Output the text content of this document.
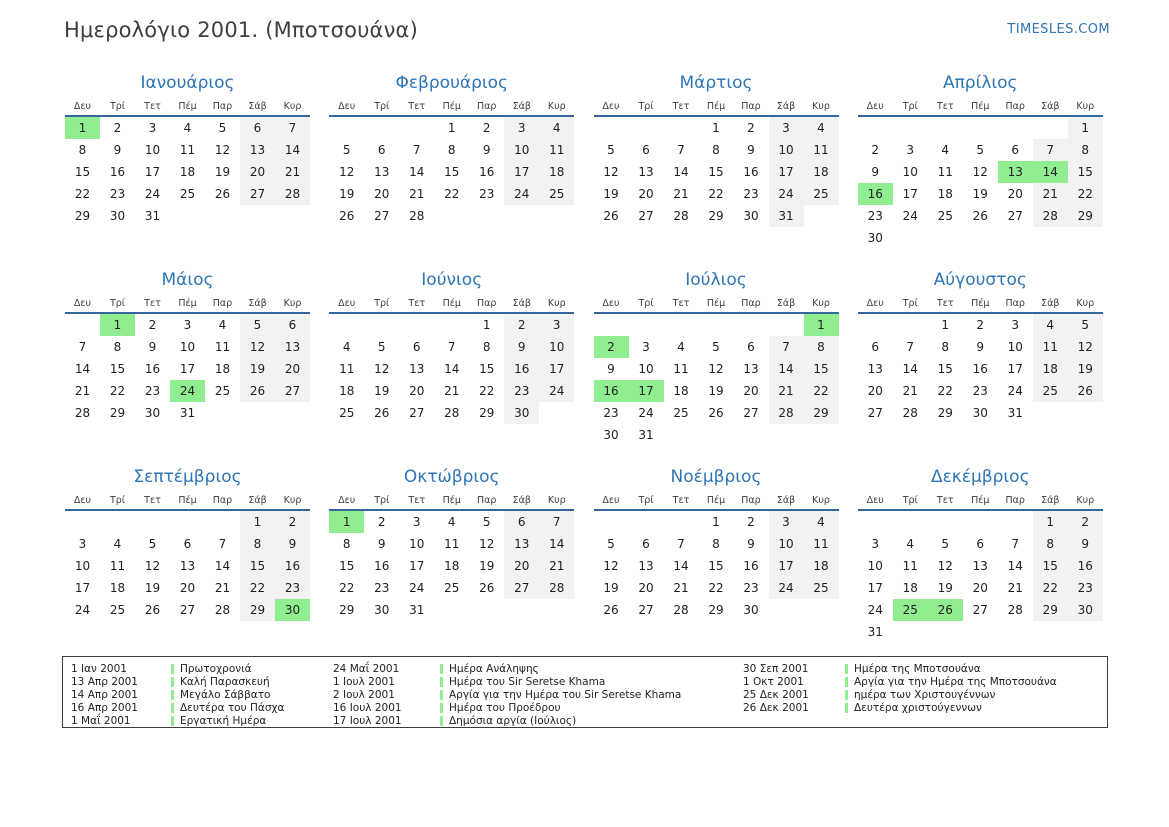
Ημερολόγιο 2001. (Μποτσουάνα)	TIMESLES.COM
Ιανουάριος
Δευ	Τρί	Τετ	Πέμ	Παρ	Σάβ	Κυρ
1	2	3	4	5	6	7
8	9	10	11	12	13	14
15	16	17	18	19	20	21
22	23	24	25	26	27	28
29	30	31				
Φεβρουάριος
Δευ	Τρί	Τετ	Πέμ	Παρ	Σάβ	Κυρ
			1	2	3	4
5	6	7	8	9	10	11
12	13	14	15	16	17	18
19	20	21	22	23	24	25
26	27	28				
Μάρτιος
Δευ	Τρί	Τετ	Πέμ	Παρ	Σάβ	Κυρ
			1	2	3	4
5	6	7	8	9	10	11
12	13	14	15	16	17	18
19	20	21	22	23	24	25
26	27	28	29	30	31	
Απρίλιος
Δευ	Τρί	Τετ	Πέμ	Παρ	Σάβ	Κυρ
						1
2	3	4	5	6	7	8
9	10	11	12	13	14	15
16	17	18	19	20	21	22
23	24	25	26	27	28	29
30						
Μάιος
Δευ	Τρί	Τετ	Πέμ	Παρ	Σάβ	Κυρ
	1	2	3	4	5	6
7	8	9	10	11	12	13
14	15	16	17	18	19	20
21	22	23	24	25	26	27
28	29	30	31			
Ιούνιος
Δευ	Τρί	Τετ	Πέμ	Παρ	Σάβ	Κυρ
				1	2	3
4	5	6	7	8	9	10
11	12	13	14	15	16	17
18	19	20	21	22	23	24
25	26	27	28	29	30	
Ιούλιος
Δευ	Τρί	Τετ	Πέμ	Παρ	Σάβ	Κυρ
						1
2	3	4	5	6	7	8
9	10	11	12	13	14	15
16	17	18	19	20	21	22
23	24	25	26	27	28	29
30	31					
Αύγουστος
Δευ	Τρί	Τετ	Πέμ	Παρ	Σάβ	Κυρ
		1	2	3	4	5
6	7	8	9	10	11	12
13	14	15	16	17	18	19
20	21	22	23	24	25	26
27	28	29	30	31		
Σεπτέμβριος
Δευ	Τρί	Τετ	Πέμ	Παρ	Σάβ	Κυρ
					1	2
3	4	5	6	7	8	9
10	11	12	13	14	15	16
17	18	19	20	21	22	23
24	25	26	27	28	29	30
Οκτώβριος
Δευ	Τρί	Τετ	Πέμ	Παρ	Σάβ	Κυρ
1	2	3	4	5	6	7
8	9	10	11	12	13	14
15	16	17	18	19	20	21
22	23	24	25	26	27	28
29	30	31				
Νοέμβριος
Δευ	Τρί	Τετ	Πέμ	Παρ	Σάβ	Κυρ
			1	2	3	4
5	6	7	8	9	10	11
12	13	14	15	16	17	18
19	20	21	22	23	24	25
26	27	28	29	30		
Δεκέμβριος
Δευ	Τρί	Τετ	Πέμ	Παρ	Σάβ	Κυρ
					1	2
3	4	5	6	7	8	9
10	11	12	13	14	15	16
17	18	19	20	21	22	23
24	25	26	27	28	29	30
31						
1 Ιαν 2001	Πρωτοχρονιά
13 Απρ 2001	Καλή Παρασκευή
14 Απρ 2001	Μεγάλο Σάββατο
16 Απρ 2001	Δευτέρα του Πάσχα
1 Μαΐ 2001	Εργατική Ημέρα
24 Μαΐ 2001	Ημέρα Ανάληψης
1 Ιουλ 2001	Ημέρα του Sir Seretse Khama
2 Ιουλ 2001	Αργία για την Ημέρα του Sir Seretse Khama
16 Ιουλ 2001	Ημέρα του Προέδρου
17 Ιουλ 2001	Δημόσια αργία (Ιούλιος)
30 Σεπ 2001	Ημέρα της Μποτσουάνα
1 Οκτ 2001	Αργία για την Ημέρα της Μποτσουάνα
25 Δεκ 2001	ημέρα των Χριστουγέννων
26 Δεκ 2001	Δευτέρα χριστούγεννων
